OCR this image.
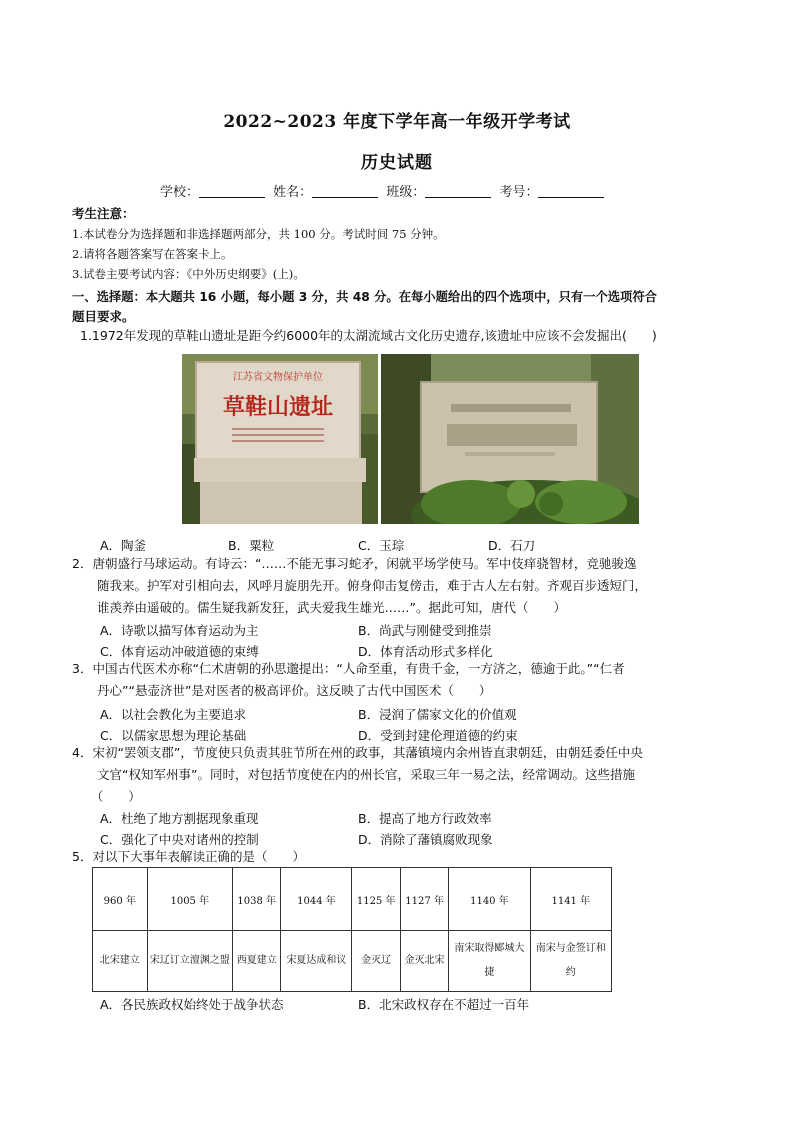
2022~2023 年度下学年高一年级开学考试
历史试题
学校：	姓名：	班级：	考号：
考生注意：
1.本试卷分为选择题和非选择题两部分，共 100 分。考试时间 75 分钟。
2.请将各题答案写在答案卡上。
3.试卷主要考试内容：《中外历史纲要》(上)。
一、选择题：本大题共 16 小题，每小题 3 分，共 48 分。在每小题给出的四个选项中，只有一个选项符合
题目要求。
1.1972年发现的草鞋山遗址是距今约6000年的太湖流域古文化历史遗存,该遗址中应该不会发掘出(　　)
江苏省文物保护单位
草鞋山遗址
A．陶釜	B．粟粒	C．玉琮	D．石刀
2．唐朝盛行马球运动。有诗云：“……不能无事习蛇矛，闲就平场学使马。军中伎痒骁智材，竞驰骏逸
　　随我来。护军对引相向去，风呼月旋朋先开。俯身仰击复傍击，难于古人左右射。齐观百步透短门，
　　谁羡养由遥破的。儒生疑我新发狂，武夫爱我生雄光……”。据此可知，唐代（　　）
A．诗歌以描写体育运动为主	B．尚武与刚健受到推崇
C．体育运动冲破道德的束缚	D．体育活动形式多样化
3．中国古代医术亦称“仁术唐朝的孙思邈提出：“人命至重，有贵千金，一方济之，德逾于此。”“仁者
　　丹心”“悬壶济世”是对医者的极高评价。这反映了古代中国医术（　　）
A．以社会教化为主要追求	B．浸润了儒家文化的价值观
C．以儒家思想为理论基础	D．受到封建伦理道德的约束
4．宋初“罢领支郡”，节度使只负责其驻节所在州的政事，其藩镇境内余州皆直隶朝廷，由朝廷委任中央
　　文官“权知军州事”。同时，对包括节度使在内的州长官，采取三年一易之法，经常调动。这些措施
　　（　　）
A．杜绝了地方割据现象重现	B．提高了地方行政效率
C．强化了中央对诸州的控制	D．消除了藩镇腐败现象
5．对以下大事年表解读正确的是（　　）
960 年	1005 年	1038 年	1044 年	1125 年	1127 年	1140 年	1141 年
北宋建立	宋辽订立澶渊之盟	西夏建立	宋夏达成和议	金灭辽	金灭北宋	南宋取得郾城大捷	南宋与金签订和约
A．各民族政权始终处于战争状态	B．北宋政权存在不超过一百年
